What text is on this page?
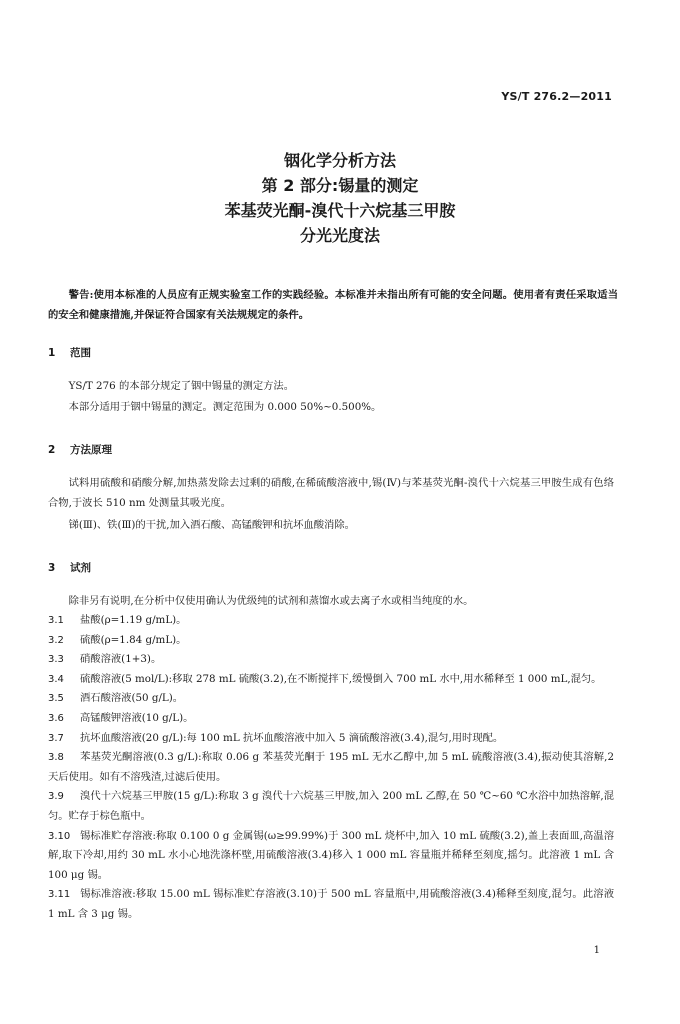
YS/T 276.2—2011
铟化学分析方法
第 2 部分:锡量的测定
苯基荧光酮-溴代十六烷基三甲胺
分光光度法
警告:使用本标准的人员应有正规实验室工作的实践经验。本标准并未指出所有可能的安全问题。使用者有责任采取适当的安全和健康措施,并保证符合国家有关法规规定的条件。
1 范围
YS/T 276 的本部分规定了铟中锡量的测定方法。
本部分适用于铟中锡量的测定。测定范围为 0.000 50%~0.500%。
2 方法原理
试料用硫酸和硝酸分解,加热蒸发除去过剩的硝酸,在稀硫酸溶液中,锡(Ⅳ)与苯基荧光酮-溴代十六烷基三甲胺生成有色络合物,于波长 510 nm 处测量其吸光度。
锑(Ⅲ)、铁(Ⅲ)的干扰,加入酒石酸、高锰酸钾和抗坏血酸消除。
3 试剂
除非另有说明,在分析中仅使用确认为优级纯的试剂和蒸馏水或去离子水或相当纯度的水。
3.1 盐酸(ρ=1.19 g/mL)。
3.2 硫酸(ρ=1.84 g/mL)。
3.3 硝酸溶液(1+3)。
3.4 硫酸溶液(5 mol/L):移取 278 mL 硫酸(3.2),在不断搅拌下,缓慢倒入 700 mL 水中,用水稀释至 1 000 mL,混匀。
3.5 酒石酸溶液(50 g/L)。
3.6 高锰酸钾溶液(10 g/L)。
3.7 抗坏血酸溶液(20 g/L):每 100 mL 抗坏血酸溶液中加入 5 滴硫酸溶液(3.4),混匀,用时现配。
3.8 苯基荧光酮溶液(0.3 g/L):称取 0.06 g 苯基荧光酮于 195 mL 无水乙醇中,加 5 mL 硫酸溶液(3.4),振动使其溶解,2 天后使用。如有不溶残渣,过滤后使用。
3.9 溴代十六烷基三甲胺(15 g/L):称取 3 g 溴代十六烷基三甲胺,加入 200 mL 乙醇,在 50 ℃~60 ℃水浴中加热溶解,混匀。贮存于棕色瓶中。
3.10 锡标准贮存溶液:称取 0.100 0 g 金属锡(ω≥99.99%)于 300 mL 烧杯中,加入 10 mL 硫酸(3.2),盖上表面皿,高温溶解,取下冷却,用约 30 mL 水小心地洗涤杯壁,用硫酸溶液(3.4)移入 1 000 mL 容量瓶并稀释至刻度,摇匀。此溶液 1 mL 含 100 μg 锡。
3.11 锡标准溶液:移取 15.00 mL 锡标准贮存溶液(3.10)于 500 mL 容量瓶中,用硫酸溶液(3.4)稀释至刻度,混匀。此溶液 1 mL 含 3 μg 锡。
1
